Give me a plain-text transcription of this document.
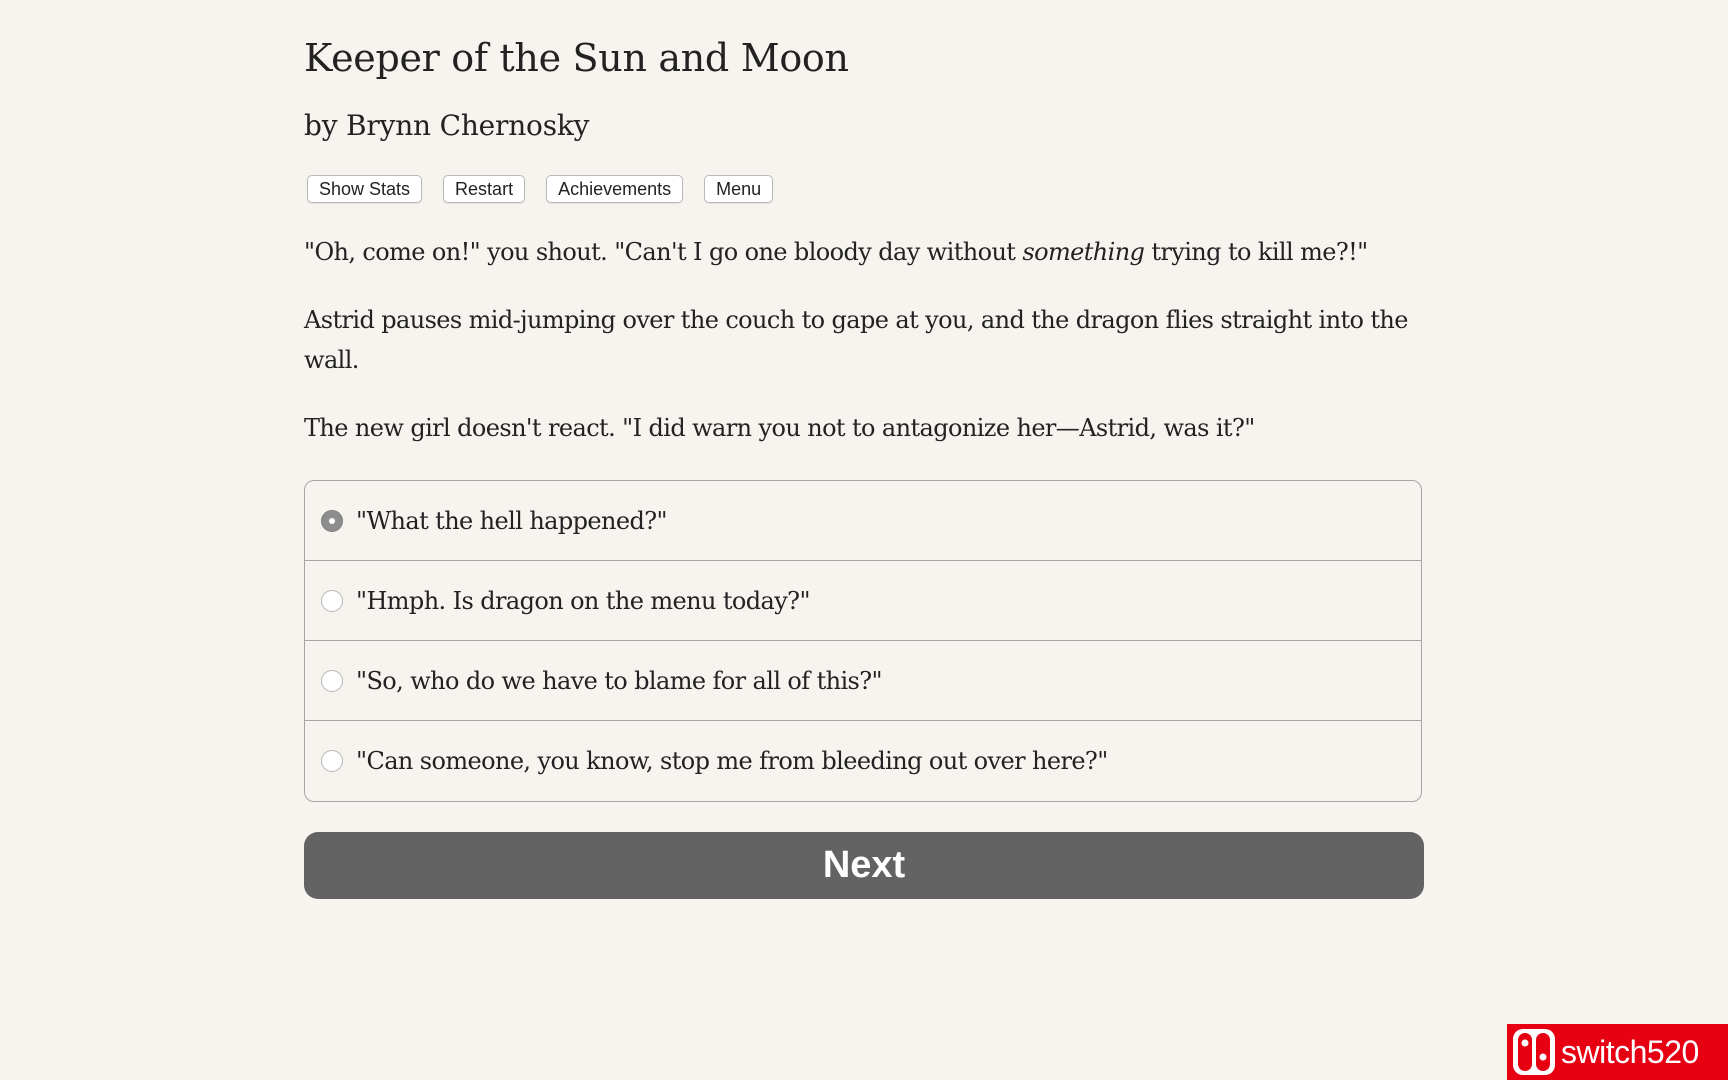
Keeper of the Sun and Moon
by Brynn Chernosky
Show Stats	Restart	Achievements	Menu

"Oh, come on!" you shout. "Can't I go one bloody day without something trying to kill me?!"

Astrid pauses mid-jumping over the couch to gape at you, and the dragon flies straight into the wall.

The new girl doesn't react. "I did warn you not to antagonize her—Astrid, was it?"

"What the hell happened?"
"Hmph. Is dragon on the menu today?"
"So, who do we have to blame for all of this?"
"Can someone, you know, stop me from bleeding out over here?"
Next
switch520
